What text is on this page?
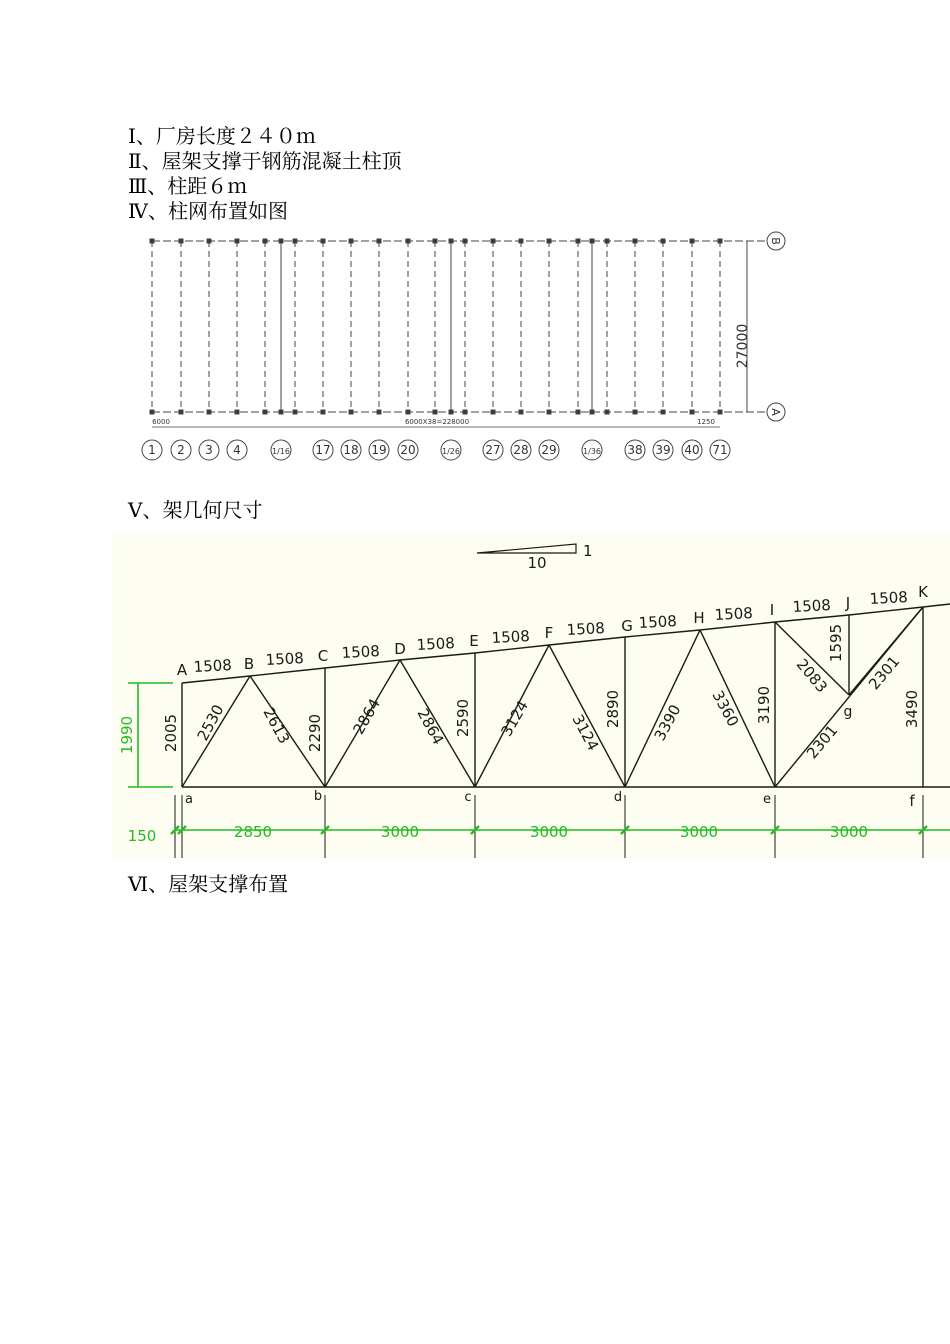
Ⅰ、厂房长度２４０ｍ
Ⅱ、屋架支撑于钢筋混凝土柱顶
Ⅲ、柱距６ｍ
Ⅳ、柱网布置如图
27000
6000	6000X38=228000	1250
B
A
1 2 3 4	1/16 17 18 19 20	1/26 27 28 29	1/36 38 39 40 71
Ⅴ、架几何尺寸
10
1
A	B	C	D	E	F	G	H	I	J
K
1508 1508 1508 1508 1508 1508 1508 1508	1508	1508
a	b	c	d	e	f
g
2005	2290	2590	2890	3190	3490
1595
2530 2613	2864 2864	3124 3124	3390 3360
2083 2301
2301
1990
150	2850	3000	3000	3000	3000
Ⅵ、屋架支撑布置
